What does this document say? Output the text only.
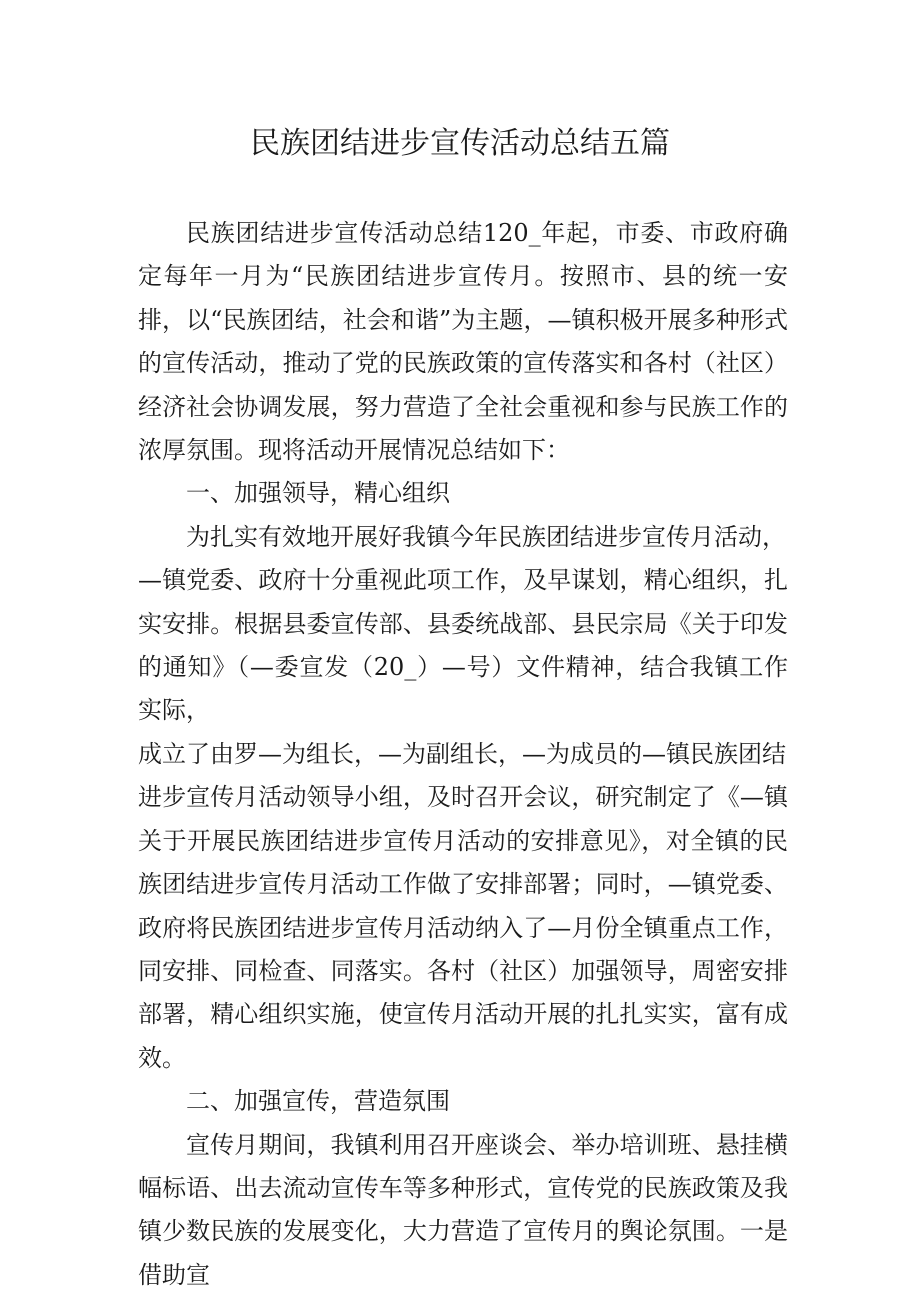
民族团结进步宣传活动总结五篇

民族团结进步宣传活动总结120_年起，市委、市政府确定每年一月为“民族团结进步宣传月。按照市、县的统一安排，以“民族团结，社会和谐”为主题，—镇积极开展多种形式的宣传活动，推动了党的民族政策的宣传落实和各村（社区）经济社会协调发展，努力营造了全社会重视和参与民族工作的浓厚氛围。现将活动开展情况总结如下：

一、加强领导，精心组织

为扎实有效地开展好我镇今年民族团结进步宣传月活动，

—镇党委、政府十分重视此项工作，及早谋划，精心组织，扎实安排。根据县委宣传部、县委统战部、县民宗局《关于印发的通知》（—委宣发（20_）—号）文件精神，结合我镇工作实际，

成立了由罗—为组长，—为副组长，—为成员的—镇民族团结

进步宣传月活动领导小组，及时召开会议，研究制定了《—镇关于开展民族团结进步宣传月活动的安排意见》，对全镇的民族团结进步宣传月活动工作做了安排部署；同时，—镇党委、政府将民族团结进步宣传月活动纳入了—月份全镇重点工作，同安排、同检查、同落实。各村（社区）加强领导，周密安排部署，精心组织实施，使宣传月活动开展的扎扎实实，富有成效。

二、加强宣传，营造氛围

宣传月期间，我镇利用召开座谈会、举办培训班、悬挂横幅标语、出去流动宣传车等多种形式，宣传党的民族政策及我镇少数民族的发展变化，大力营造了宣传月的舆论氛围。一是借助宣
